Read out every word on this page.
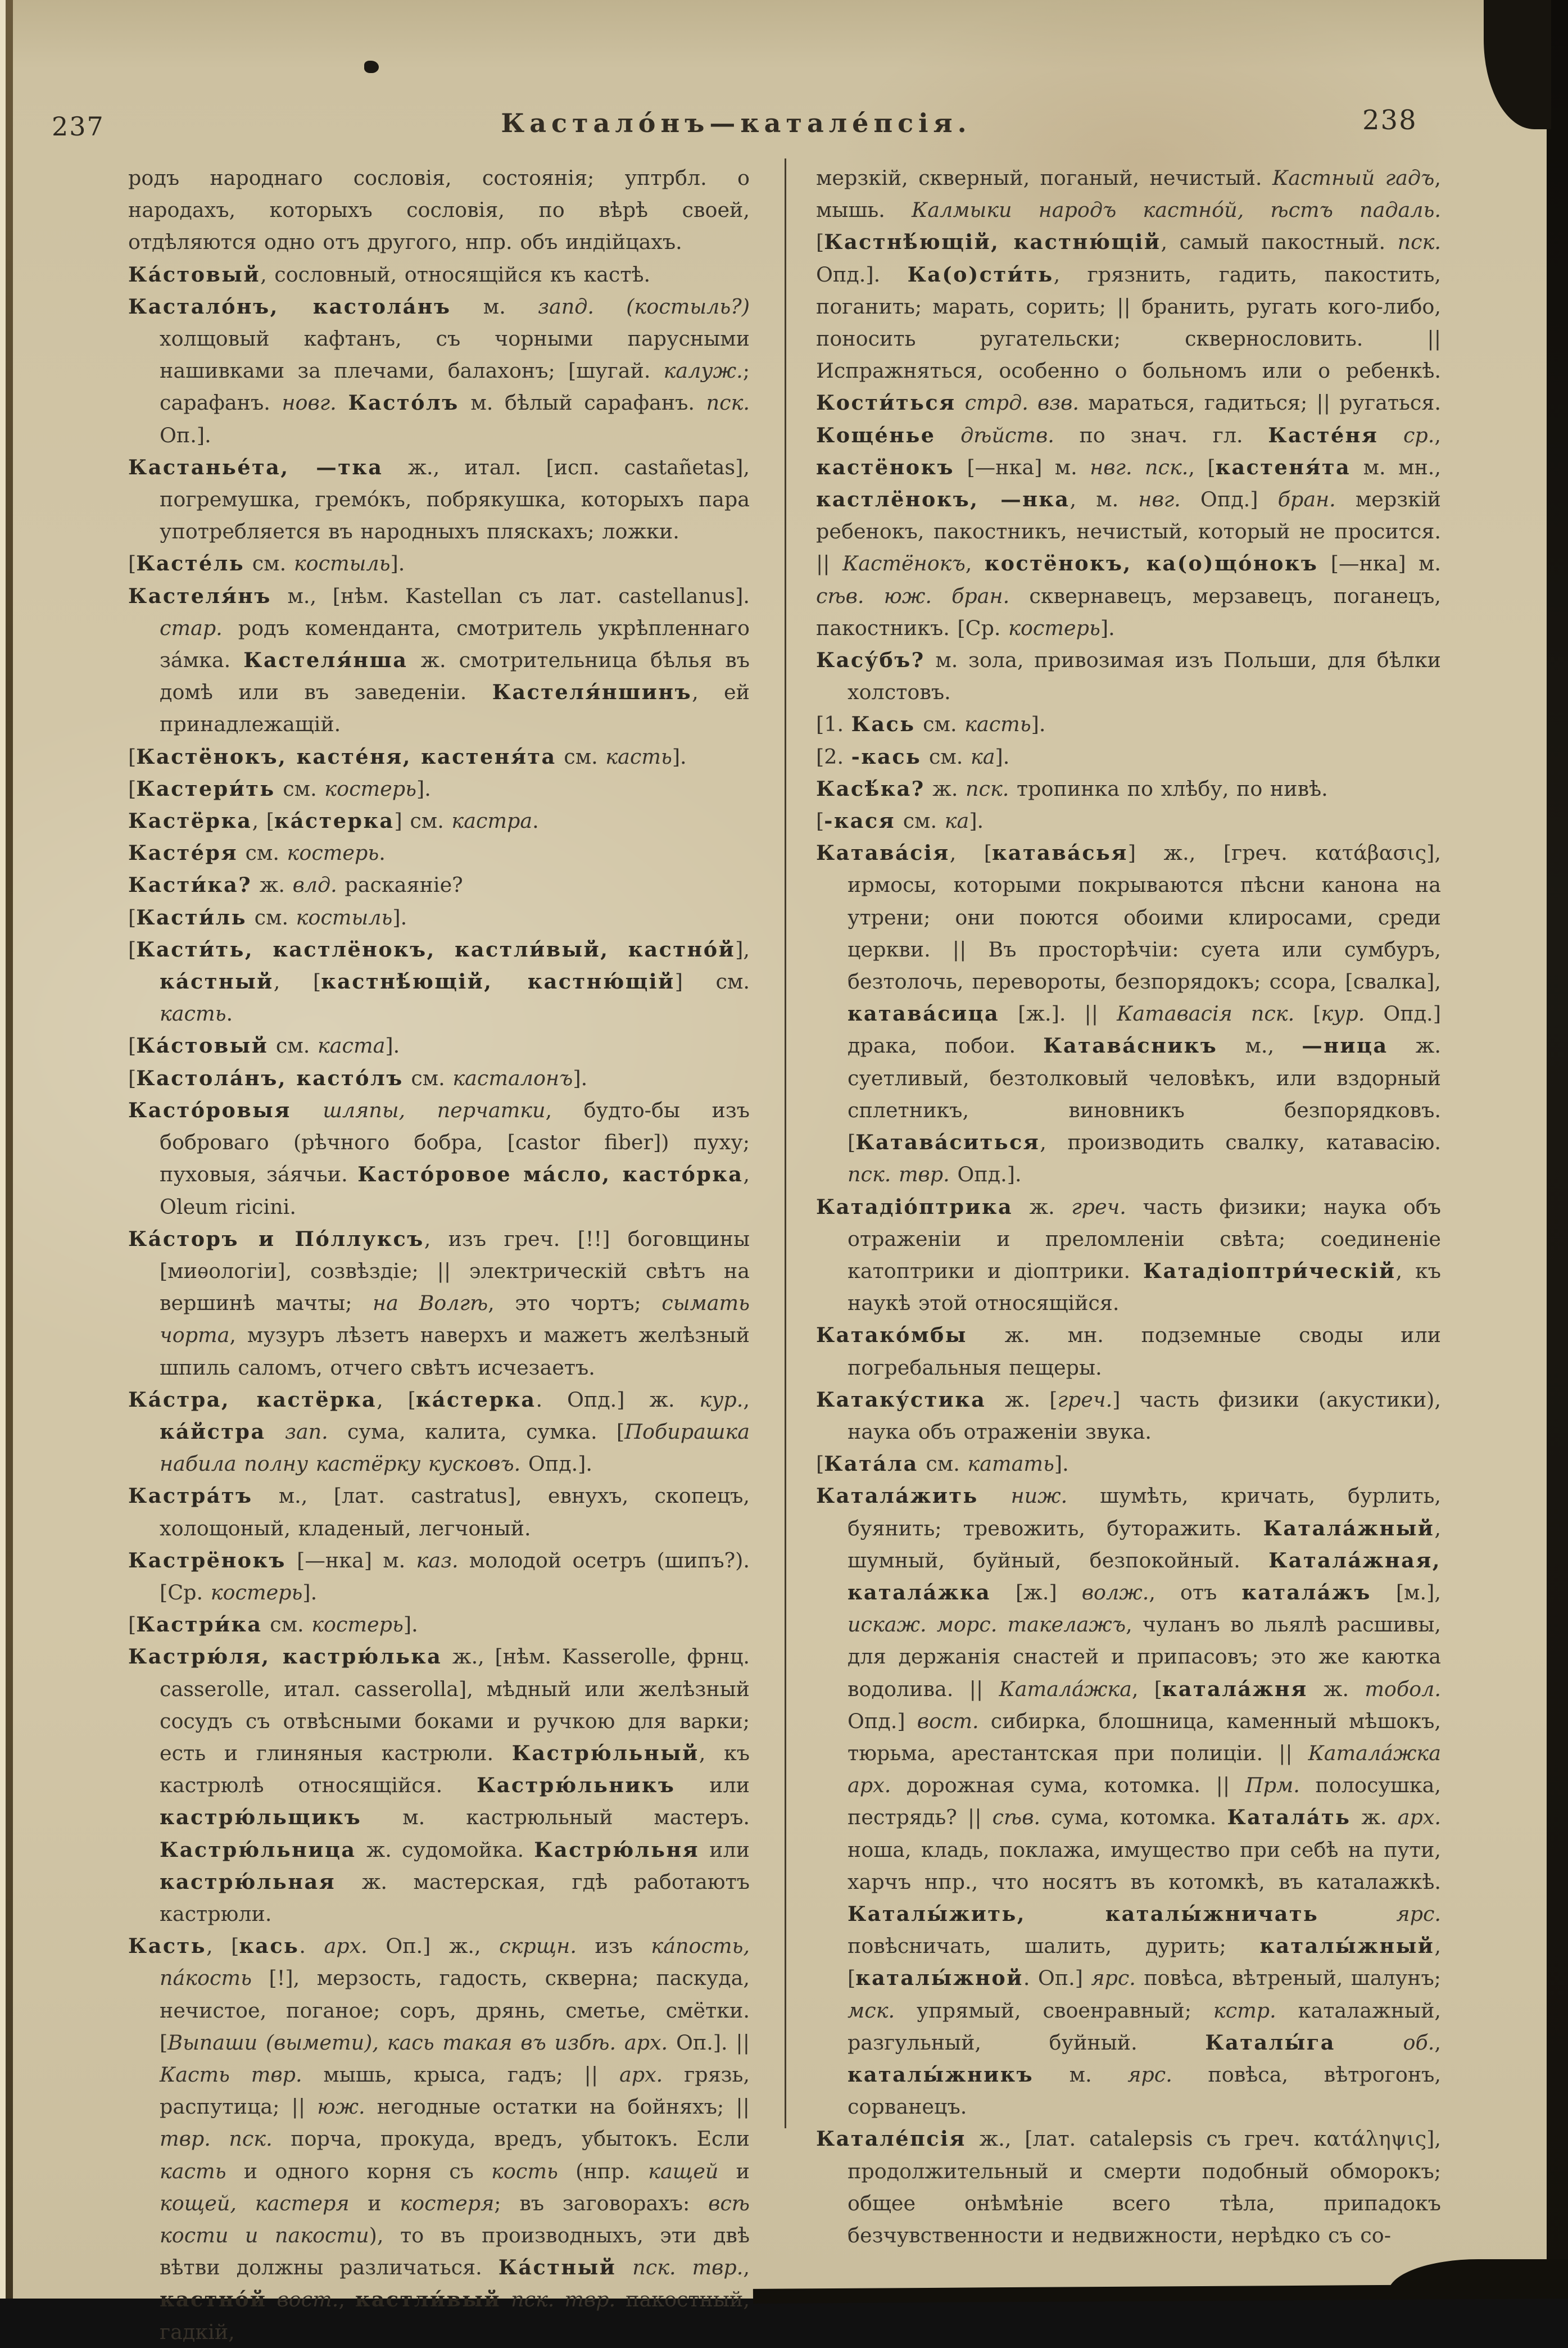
237	Кастало́нъ—катале́псія.	238

родъ народнаго сословія, состоянія; уптрбл. о народахъ, которыхъ сословія, по вѣрѣ своей, отдѣляются одно отъ другого, нпр. объ индійцахъ.

Ка́стовый, сословный, относящійся къ кастѣ.

Кастало́нъ, кастола́нъ м. запд. (костыль?) холщовый кафтанъ, съ чорными парусными нашивками за плечами, балахонъ; [шугай. калуж.; сарафанъ. новг. Касто́лъ м. бѣлый сарафанъ. пск. Оп.].

Кастанье́та, —тка ж., итал. [исп. castañetas], погремушка, гремо́къ, побрякушка, которыхъ пара употребляется въ народныхъ пляскахъ; ложки.

[Касте́ль см. костыль].

Кастеля́нъ м., [нѣм. Kastellan съ лат. castellanus]. стар. родъ коменданта, смотритель укрѣпленнаго за́мка. Кастеля́нша ж. смотрительница бѣлья въ домѣ или въ заведеніи. Кастеля́ншинъ, ей принадлежащій.

[Кастёнокъ, касте́ня, кастеня́та см. касть].

[Кастери́ть см. костерь].

Кастёрка, [ка́стерка] см. кастра.

Касте́ря см. костерь.

Касти́ка? ж. влд. раскаяніе?

[Касти́ль см. костыль].

[Касти́ть, кастлёнокъ, кастли́вый, кастно́й], ка́стный, [кастнѣ́ющій, кастню́щій] см. касть.

[Ка́стовый см. каста].

[Кастола́нъ, касто́лъ см. касталонъ].

Касто́ровыя шляпы, перчатки, будто-бы изъ боброваго (рѣчного бобра, [castor fiber]) пуху; пуховыя, за́ячьи. Касто́ровое ма́сло, касто́рка, Oleum ricini.

Ка́сторъ и По́ллуксъ, изъ греч. [!!] боговщины [миѳологіи], созвѣздіе; || электрическій свѣтъ на вершинѣ мачты; на Волгѣ, это чортъ; сымать чорта, музуръ лѣзетъ наверхъ и мажетъ желѣзный шпиль саломъ, отчего свѣтъ исчезаетъ.

Ка́стра, кастёрка, [ка́стерка. Опд.] ж. кур., ка́йстра зап. сума, калита, сумка. [Побирашка набила полну кастёрку кусковъ. Опд.].

Кастра́тъ м., [лат. castratus], евнухъ, скопецъ, холощоный, кладеный, легчоный.

Кастрёнокъ [—нка] м. каз. молодой осетръ (шипъ?). [Ср. костерь].

[Кастри́ка см. костерь].

Кастрю́ля, кастрю́лька ж., [нѣм. Kasserolle, фрнц. casserolle, итал. casserolla], мѣдный или желѣзный сосудъ съ отвѣсными боками и ручкою для варки; есть и глиняныя кастрюли. Кастрю́льный, къ кастрюлѣ относящійся. Кастрю́льникъ или кастрю́льщикъ м. кастрюльный мастеръ. Кастрю́льница ж. судомойка. Кастрю́льня или кастрю́льная ж. мастерская, гдѣ работаютъ кастрюли.

Касть, [кась. арх. Оп.] ж., скрщн. изъ ка́пость, па́кость [!], мерзость, гадость, скверна; паскуда, нечистое, поганое; соръ, дрянь, сметье, смётки. [Выпаши (вымети), кась такая въ избѣ. арх. Оп.]. || Касть твр. мышь, крыса, гадъ; || арх. грязь, распутица; || юж. негодные остатки на бойняхъ; || твр. пск. порча, прокуда, вредъ, убытокъ. Если касть и одного корня съ кость (нпр. кащей и кощей, кастеря и костеря; въ заговорахъ: всѣ кости и пакости), то въ производныхъ, эти двѣ вѣтви должны различаться. Ка́стный пск. твр., кастно́й вост., кастли́вый пск. твр. пакостный, гадкій,

мерзкій, скверный, поганый, нечистый. Кастный гадъ, мышь. Калмыки народъ кастно́й, ѣстъ падаль. [Кастнѣ́ющій, кастню́щій, самый пакостный. пск. Опд.]. Ка(о)сти́ть, грязнить, гадить, пакостить, поганить; марать, сорить; || бранить, ругать кого-либо, поносить ругательски; сквернословить. || Испражняться, особенно о больномъ или о ребенкѣ. Кости́ться стрд. взв. мараться, гадиться; || ругаться. Коще́нье дѣйств. по знач. гл. Касте́ня ср., кастёнокъ [—нка] м. нвг. пск., [кастеня́та м. мн., кастлёнокъ, —нка, м. нвг. Опд.] бран. мерзкій ребенокъ, пакостникъ, нечистый, который не просится. || Кастёнокъ, костёнокъ, ка(о)що́нокъ [—нка] м. сѣв. юж. бран. сквернавецъ, мерзавецъ, поганецъ, пакостникъ. [Ср. костерь].

Касу́бъ? м. зола, привозимая изъ Польши, для бѣлки холстовъ.

[1. Кась см. касть].

[2. -кась см. ка].

Касѣ́ка? ж. пск. тропинка по хлѣбу, по нивѣ.

[-кася см. ка].

Катава́сія, [катава́сья] ж., [греч. κατάβασις], ирмосы, которыми покрываются пѣсни канона на утрени; они поются обоими клиросами, среди церкви. || Въ просторѣчіи: суета или сумбуръ, безтолочь, перевороты, безпорядокъ; ссора, [свалка], катава́сица [ж.]. || Катавасія пск. [кур. Опд.] драка, побои. Катава́сникъ м., —ница ж. суетливый, безтолковый человѣкъ, или вздорный сплетникъ, виновникъ безпорядковъ. [Катава́ситься, производить свалку, катавасію. пск. твр. Опд.].

Катадіо́птрика ж. греч. часть физики; наука объ отраженіи и преломленіи свѣта; соединеніе катоптрики и діоптрики. Катадіоптри́ческій, къ наукѣ этой относящійся.

Катако́мбы ж. мн. подземные своды или погребальныя пещеры.

Катаку́стика ж. [греч.] часть физики (акустики), наука объ отраженіи звука.

[Ката́ла см. катать].

Катала́жить ниж. шумѣть, кричать, бурлить, буянить; тревожить, буторажить. Катала́жный, шумный, буйный, безпокойный. Катала́жная, катала́жка [ж.] волж., отъ катала́жъ [м.], искаж. морс. такелажъ, чуланъ во льялѣ расшивы, для держанія снастей и припасовъ; это же каютка водолива. || Катала́жка, [катала́жня ж. тобол. Опд.] вост. сибирка, блошница, каменный мѣшокъ, тюрьма, арестантская при полиціи. || Катала́жка арх. дорожная сума, котомка. || Прм. полосушка, пестрядь? || сѣв. сума, котомка. Катала́ть ж. арх. ноша, кладь, поклажа, имущество при себѣ на пути, харчъ нпр., что носятъ въ котомкѣ, въ каталажкѣ. Каталы́жить, каталы́жничать	ярс. повѣсничать, шалить, дурить; каталы́жный, [каталы́жной. Оп.] ярс. повѣса, вѣтреный, шалунъ; мск. упрямый, своенравный; кстр. каталажный, разгульный, буйный. Каталы́га	об., каталы́жникъ м. ярс. повѣса, вѣтрогонъ, сорванецъ.

Катале́псія ж., [лат. catalepsis съ греч. κατάληψις], продолжительный и смерти подобный обморокъ; общее онѣмѣніе всего тѣла, припадокъ безчувственности и недвижности, нерѣдко съ со-
